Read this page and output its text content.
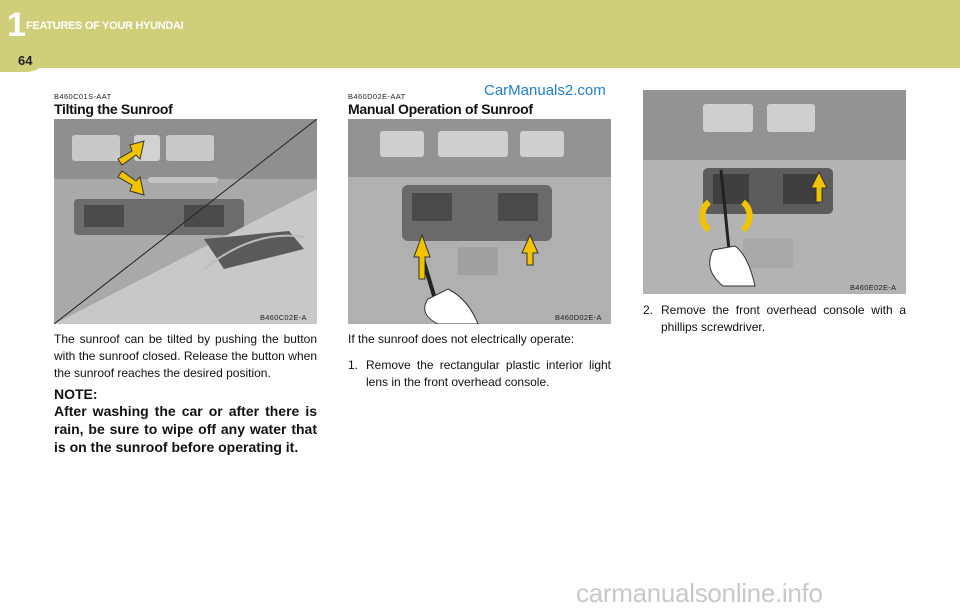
1 FEATURES OF YOUR HYUNDAI
64
B460C01S-AAT
Tilting the Sunroof
B460C02E-A
The sunroof can be tilted by pushing the button with the sunroof closed. Release the button when the sunroof reaches the desired position.
NOTE:
After washing the car or after there is rain, be sure to wipe off any water that is on the sunroof before operating it.
B460D02E-AAT
Manual Operation of Sunroof
CarManuals2.com
B460D02E-A
If the sunroof does not electrically operate:
1. Remove the rectangular plastic interior light lens in the front overhead console.
B460E02E-A
2. Remove the front overhead console with a phillips screwdriver.
carmanualsonline.info
